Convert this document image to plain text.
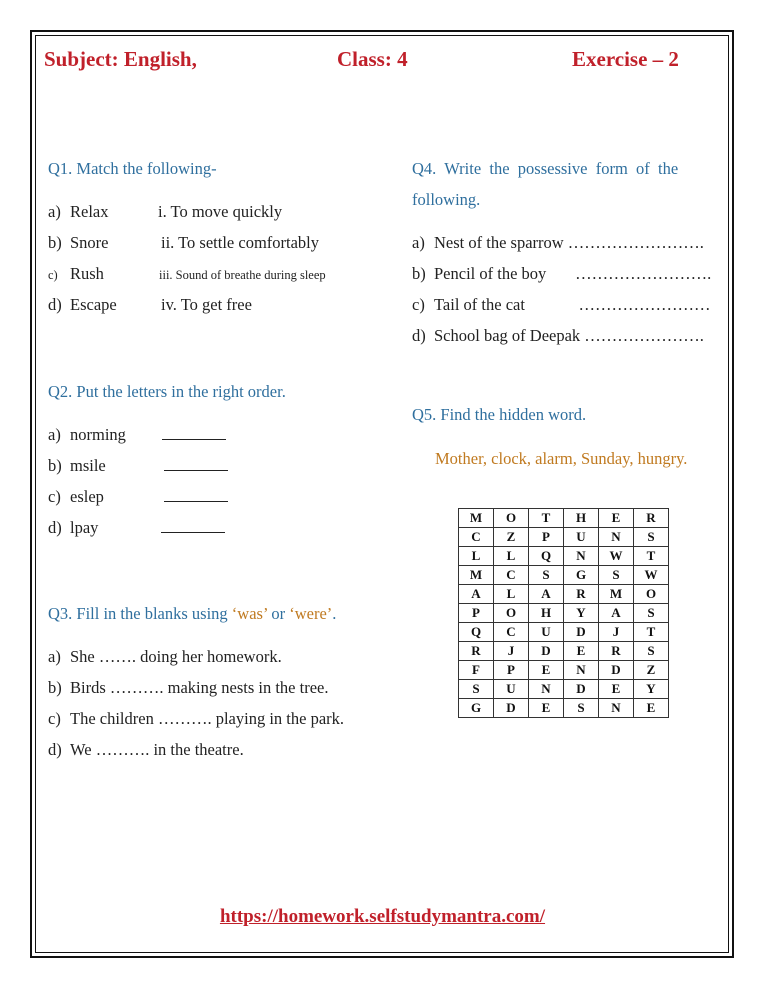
Subject: English,	Class: 4	Exercise – 2
Q1. Match the following-
a) Relax	i. To move quickly
b) Snore	ii. To settle comfortably
c) Rush	iii. Sound of breathe during sleep
d) Escape	iv. To get free
Q2. Put the letters in the right order.
a) norming
b) msile
c) eslep
d) lpay
Q3. Fill in the blanks using ‘was’ or ‘were’.
a) She ……. doing her homework.
b) Birds ………. making nests in the tree.
c) The children ………. playing in the park.
d) We ………. in the theatre.
Q4.  Write  the  possessive  form  of  the
following.
a) Nest of the sparrow …………………….
b) Pencil of the boy       …………………….
c) Tail of the cat             ……………………
d) School bag of Deepak ………………….
Q5. Find the hidden word.
Mother, clock, alarm, Sunday, hungry.
M	O	T	H	E	R
C	Z	P	U	N	S
L	L	Q	N	W	T
M	C	S	G	S	W
A	L	A	R	M	O
P	O	H	Y	A	S
Q	C	U	D	J	T
R	J	D	E	R	S
F	P	E	N	D	Z
S	U	N	D	E	Y
G	D	E	S	N	E
https://homework.selfstudymantra.com/
